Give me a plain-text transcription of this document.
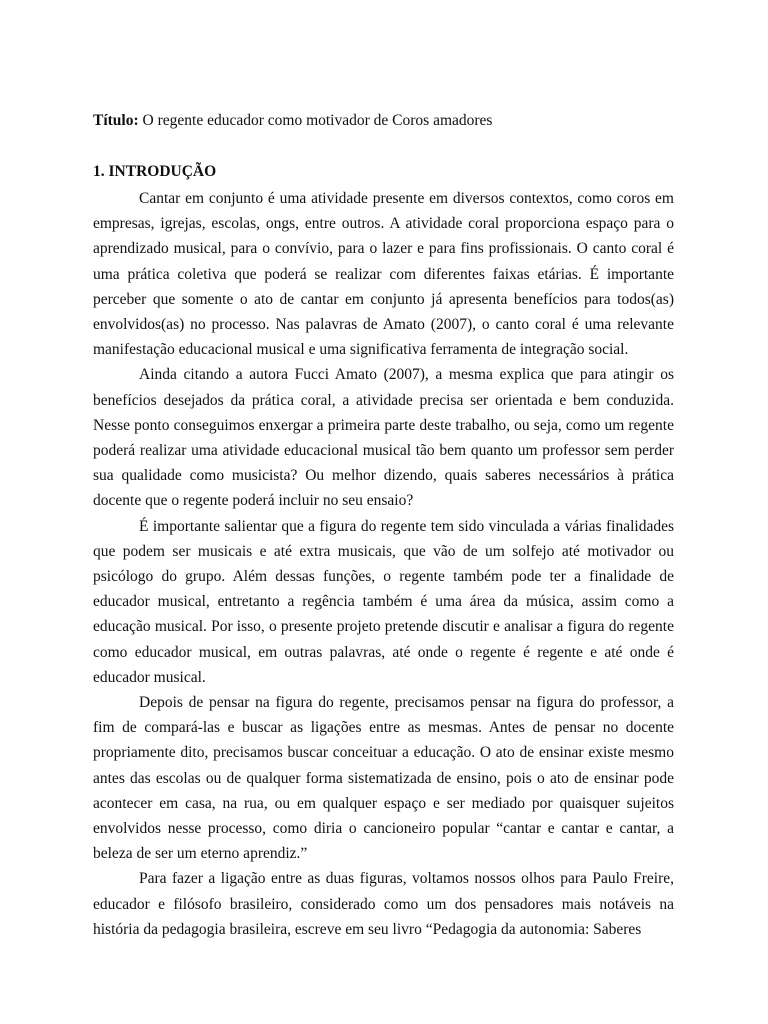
Título: O regente educador como motivador de Coros amadores
1. INTRODUÇÃO

Cantar em conjunto é uma atividade presente em diversos contextos, como coros em empresas, igrejas, escolas, ongs, entre outros. A atividade coral proporciona espaço para o aprendizado musical, para o convívio, para o lazer e para fins profissionais. O canto coral é uma prática coletiva que poderá se realizar com diferentes faixas etárias. É importante perceber que somente o ato de cantar em conjunto já apresenta benefícios para todos(as) envolvidos(as) no processo. Nas palavras de Amato (2007), o canto coral é uma relevante manifestação educacional musical e uma significativa ferramenta de integração social.

Ainda citando a autora Fucci Amato (2007), a mesma explica que para atingir os benefícios desejados da prática coral, a atividade precisa ser orientada e bem conduzida. Nesse ponto conseguimos enxergar a primeira parte deste trabalho, ou seja, como um regente poderá realizar uma atividade educacional musical tão bem quanto um professor sem perder sua qualidade como musicista? Ou melhor dizendo, quais saberes necessários à prática docente que o regente poderá incluir no seu ensaio?

É importante salientar que a figura do regente tem sido vinculada a várias finalidades que podem ser musicais e até extra musicais, que vão de um solfejo até motivador ou psicólogo do grupo. Além dessas funções, o regente também pode ter a finalidade de educador musical, entretanto a regência também é uma área da música, assim como a educação musical. Por isso, o presente projeto pretende discutir e analisar a figura do regente como educador musical, em outras palavras, até onde o regente é regente e até onde é educador musical.

Depois de pensar na figura do regente, precisamos pensar na figura do professor, a fim de compará-las e buscar as ligações entre as mesmas. Antes de pensar no docente propriamente dito, precisamos buscar conceituar a educação. O ato de ensinar existe mesmo antes das escolas ou de qualquer forma sistematizada de ensino, pois o ato de ensinar pode acontecer em casa, na rua, ou em qualquer espaço e ser mediado por quaisquer sujeitos envolvidos nesse processo, como diria o cancioneiro popular “cantar e cantar e cantar, a beleza de ser um eterno aprendiz.”

Para fazer a ligação entre as duas figuras, voltamos nossos olhos para Paulo Freire, educador e filósofo brasileiro, considerado como um dos pensadores mais notáveis na história da pedagogia brasileira, escreve em seu livro “Pedagogia da autonomia: Saberes
